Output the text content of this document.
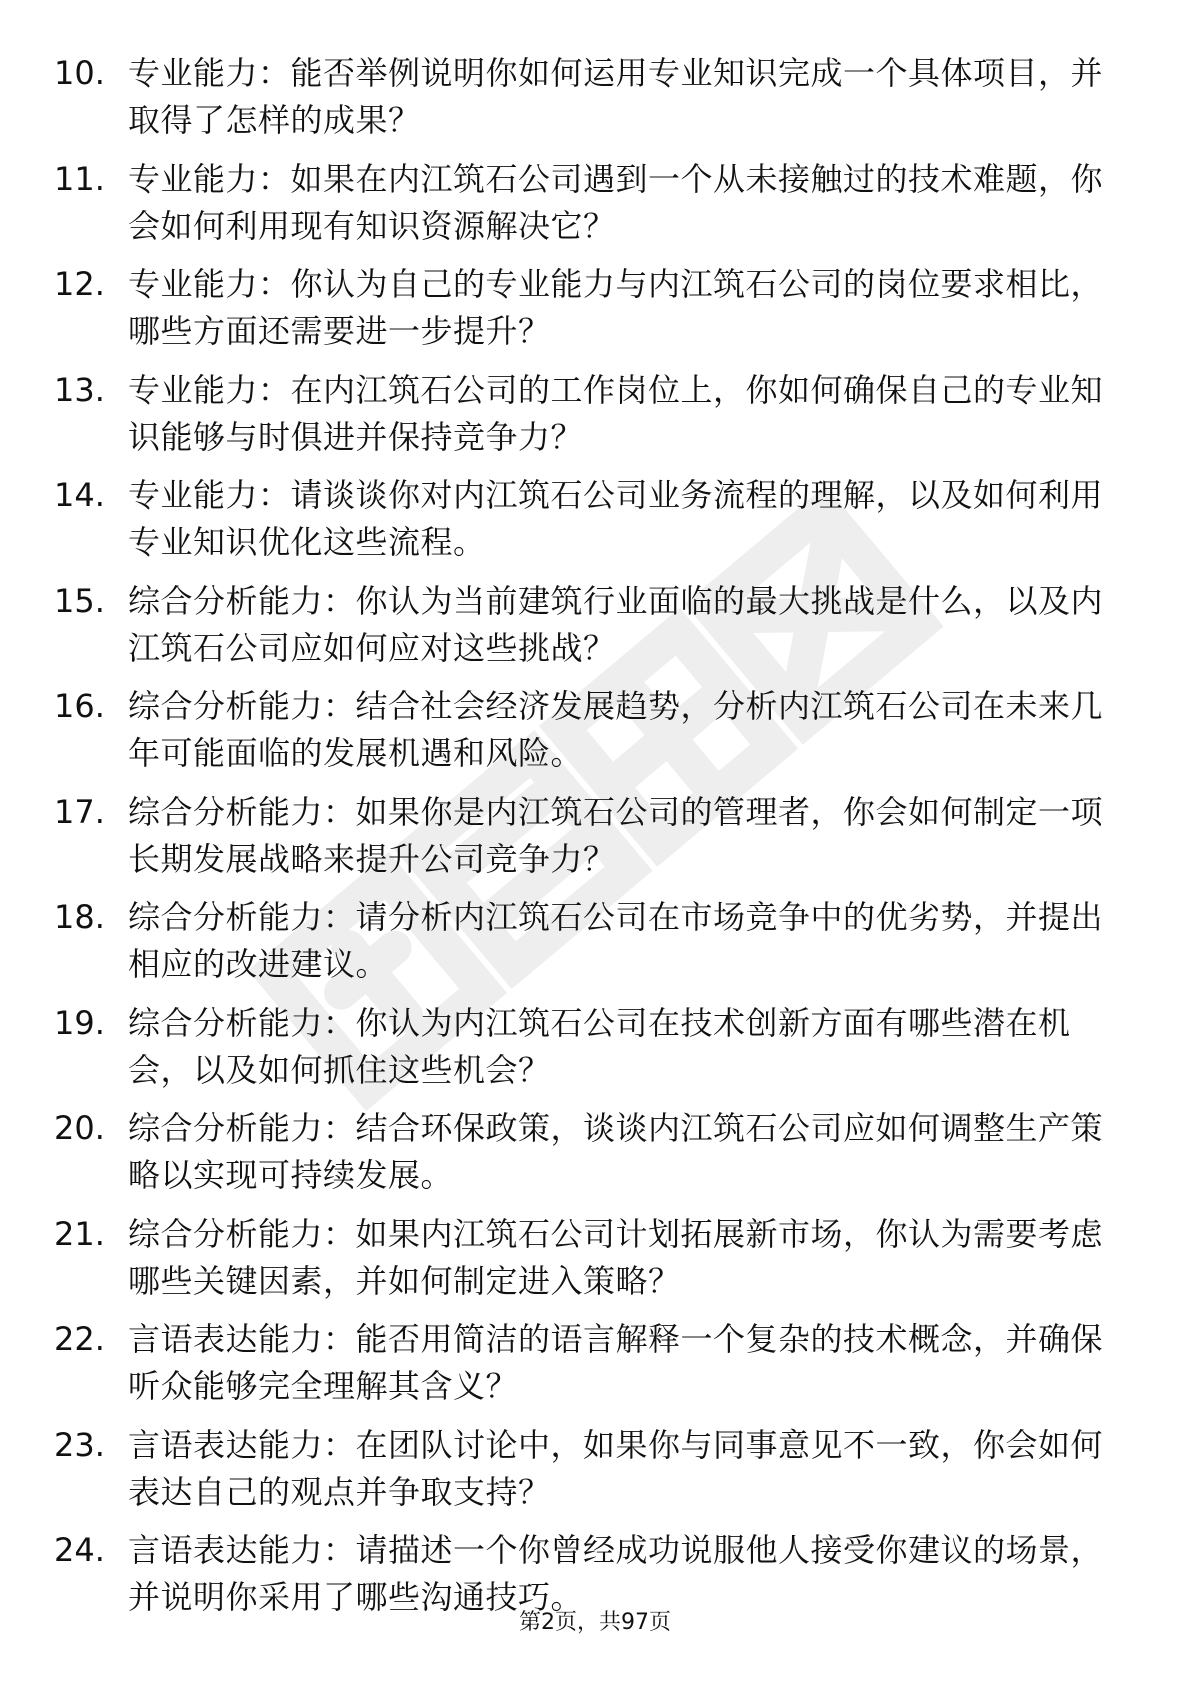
10. 专业能力：能否举例说明你如何运用专业知识完成一个具体项目，并取得了怎样的成果？
11. 专业能力：如果在内江筑石公司遇到一个从未接触过的技术难题，你会如何利用现有知识资源解决它？
12. 专业能力：你认为自己的专业能力与内江筑石公司的岗位要求相比，哪些方面还需要进一步提升？
13. 专业能力：在内江筑石公司的工作岗位上，你如何确保自己的专业知识能够与时俱进并保持竞争力？
14. 专业能力：请谈谈你对内江筑石公司业务流程的理解，以及如何利用专业知识优化这些流程。
15. 综合分析能力：你认为当前建筑行业面临的最大挑战是什么，以及内江筑石公司应如何应对这些挑战？
16. 综合分析能力：结合社会经济发展趋势，分析内江筑石公司在未来几年可能面临的发展机遇和风险。
17. 综合分析能力：如果你是内江筑石公司的管理者，你会如何制定一项长期发展战略来提升公司竞争力？
18. 综合分析能力：请分析内江筑石公司在市场竞争中的优劣势，并提出相应的改进建议。
19. 综合分析能力：你认为内江筑石公司在技术创新方面有哪些潜在机会，以及如何抓住这些机会？
20. 综合分析能力：结合环保政策，谈谈内江筑石公司应如何调整生产策略以实现可持续发展。
21. 综合分析能力：如果内江筑石公司计划拓展新市场，你认为需要考虑哪些关键因素，并如何制定进入策略？
22. 言语表达能力：能否用简洁的语言解释一个复杂的技术概念，并确保听众能够完全理解其含义？
23. 言语表达能力：在团队讨论中，如果你与同事意见不一致，你会如何表达自己的观点并争取支持？
24. 言语表达能力：请描述一个你曾经成功说服他人接受你建议的场景，并说明你采用了哪些沟通技巧。
第2页，共97页
